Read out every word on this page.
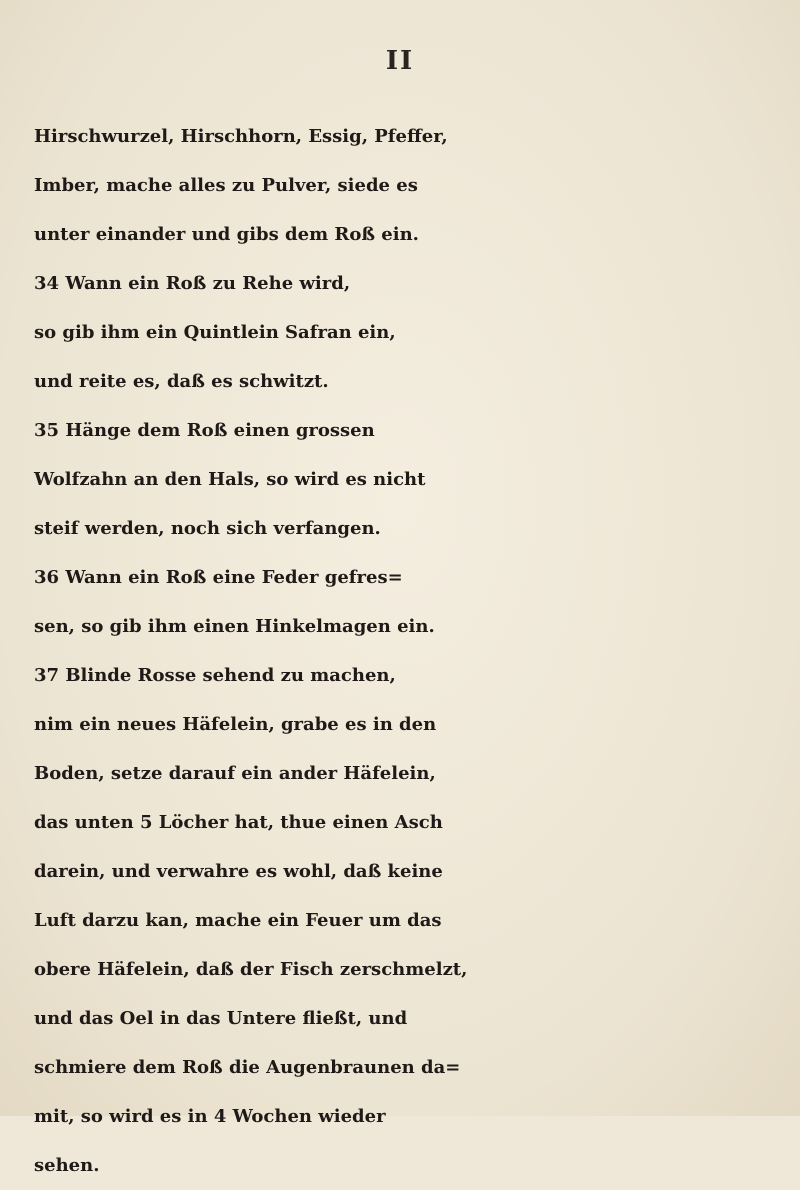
II
Hirschwurzel, Hirschhorn, Essig, Pfeffer,
Imber, mache alles zu Pulver, siede es
unter einander und gibs dem Roß ein.
34 Wann ein Roß zu Rehe wird,
so gib ihm ein Quintlein Safran ein,
und reite es, daß es schwitzt.
35 Hänge dem Roß einen grossen
Wolfzahn an den Hals, so wird es nicht
steif werden, noch sich verfangen.
36 Wann ein Roß eine Feder gefres=
sen, so gib ihm einen Hinkelmagen ein.
37 Blinde Rosse sehend zu machen,
nim ein neues Häfelein, grabe es in den
Boden, setze darauf ein ander Häfelein,
das unten 5 Löcher hat, thue einen Asch
darein, und verwahre es wohl, daß keine
Luft darzu kan, mache ein Feuer um das
obere Häfelein, daß der Fisch zerschmelzt,
und das Oel in das Untere fließt, und
schmiere dem Roß die Augenbraunen da=
mit, so wird es in 4 Wochen wieder
sehen.
